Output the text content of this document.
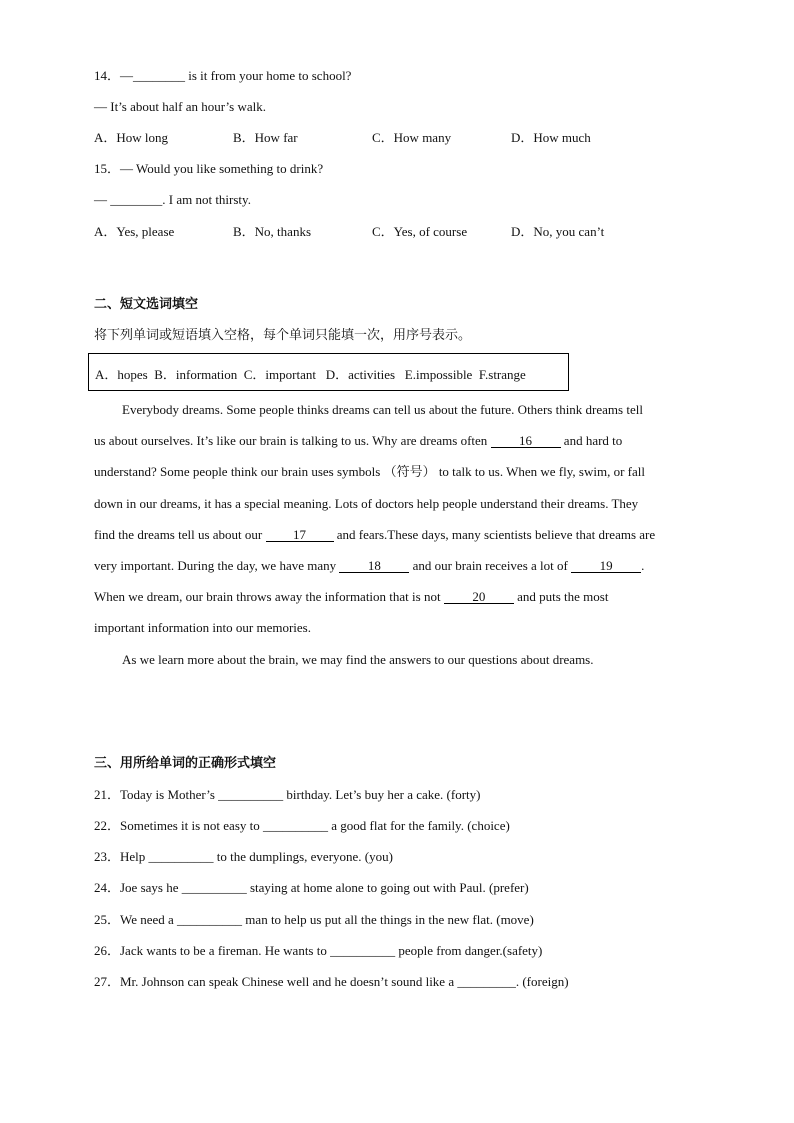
14．—________ is it from your home to school?
— It’s about half an hour’s walk.
A．How long	B．How far	C．How many	D．How much
15．— Would you like something to drink?
— ________. I am not thirsty.
A．Yes, please	B．No, thanks	C．Yes, of course	D．No, you can’t
二、短文选词填空
将下列单词或短语填入空格，每个单词只能填一次，用序号表示。
A．hopes  B．information  C．important   D．activities   E.impossible  F.strange
Everybody dreams. Some people thinks dreams can tell us about the future. Others think dreams tell
us about ourselves. It’s like our brain is talking to us. Why are dreams often 16 and hard to
understand? Some people think our brain uses symbols （符号） to talk to us. When we fly, swim, or fall
down in our dreams, it has a special meaning. Lots of doctors help people understand their dreams. They
find the dreams tell us about our 17 and fears.These days, many scientists believe that dreams are
very important. During the day, we have many 18 and our brain receives a lot of 19 .
When we dream, our brain throws away the information that is not 20 and puts the most
important information into our memories.
As we learn more about the brain, we may find the answers to our questions about dreams.
三、用所给单词的正确形式填空
21．Today is Mother’s __________ birthday. Let’s buy her a cake. (forty)
22．Sometimes it is not easy to __________ a good flat for the family. (choice)
23．Help __________ to the dumplings, everyone. (you)
24．Joe says he __________ staying at home alone to going out with Paul. (prefer)
25．We need a __________ man to help us put all the things in the new flat. (move)
26．Jack wants to be a fireman. He wants to __________ people from danger.(safety)
27．Mr. Johnson can speak Chinese well and he doesn’t sound like a _________. (foreign)
